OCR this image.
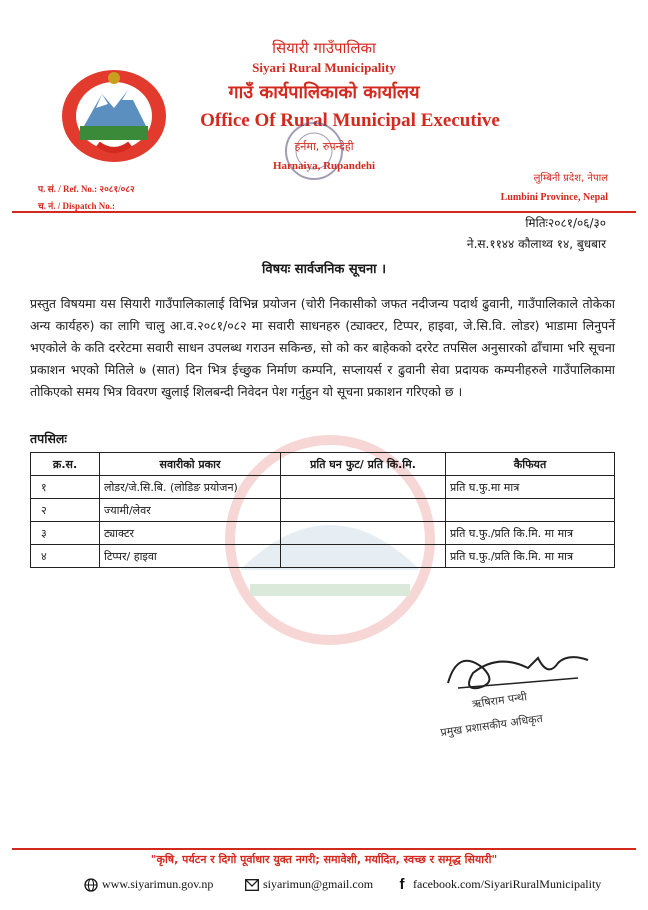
सियारी गाउँपालिका
Siyari Rural Municipality
गाउँ कार्यपालिकाको कार्यालय
Office Of Rural Municipal Executive
हर्नमा, रुपन्देही
Harnaiya, Rupandehi
प. सं. / Ref. No.: २०८१/०८२
च. नं. / Dispatch No.:
लुम्बिनी प्रदेश, नेपाल
Lumbini Province, Nepal
मितिः२०८१/०६/३०
ने.स.११४४ कौलाथ्व १४, बुधबार
विषयः सार्वजनिक सूचना ।
प्रस्तुत विषयमा यस सियारी गाउँपालिकालाई विभिन्न प्रयोजन (चोरी निकासीको जफत नदीजन्य पदार्थ ढुवानी, गाउँपालिकाले तोकेका अन्य कार्यहरु) का लागि चालु आ.व.२०८१/०८२ मा सवारी साधनहरु (ट्याक्टर, टिप्पर, हाइवा, जे.सि.वि. लोडर) भाडामा लिनुपर्ने भएकोले के कति दररेटमा सवारी साधन उपलब्ध गराउन सकिन्छ, सो को कर बाहेकको दररेट तपसिल अनुसारको ढाँचामा भरि सूचना प्रकाशन भएको मितिले ७ (सात) दिन भित्र ईच्छुक निर्माण कम्पनि, सप्लायर्स र ढुवानी सेवा प्रदायक कम्पनीहरुले गाउँपालिकामा तोकिएको समय भित्र विवरण खुलाई शिलबन्दी निवेदन पेश गर्नुहुन यो सूचना प्रकाशन गरिएको छ ।
तपसिलः
क्र.स.	सवारीको प्रकार	प्रति घन फुट/ प्रति कि.मि.	कैफियत
१	लोडर/जे.सि.बि. (लोडिङ प्रयोजन)		प्रति घ.फु.मा मात्र
२	ज्यामी/लेवर		
३	ट्याक्टर		प्रति घ.फु./प्रति कि.मि. मा मात्र
४	टिप्पर/ हाइवा		प्रति घ.फु./प्रति कि.मि. मा मात्र
ऋषिराम पन्थी
प्रमुख प्रशासकीय अधिकृत
"कृषि, पर्यटन र दिगो पूर्वाधार युक्त नगरी; समावेशी, मर्यादित, स्वच्छ र समृद्ध सियारी"
www.siyarimun.gov.np	siyarimun@gmail.com	f facebook.com/SiyariRuralMunicipality
